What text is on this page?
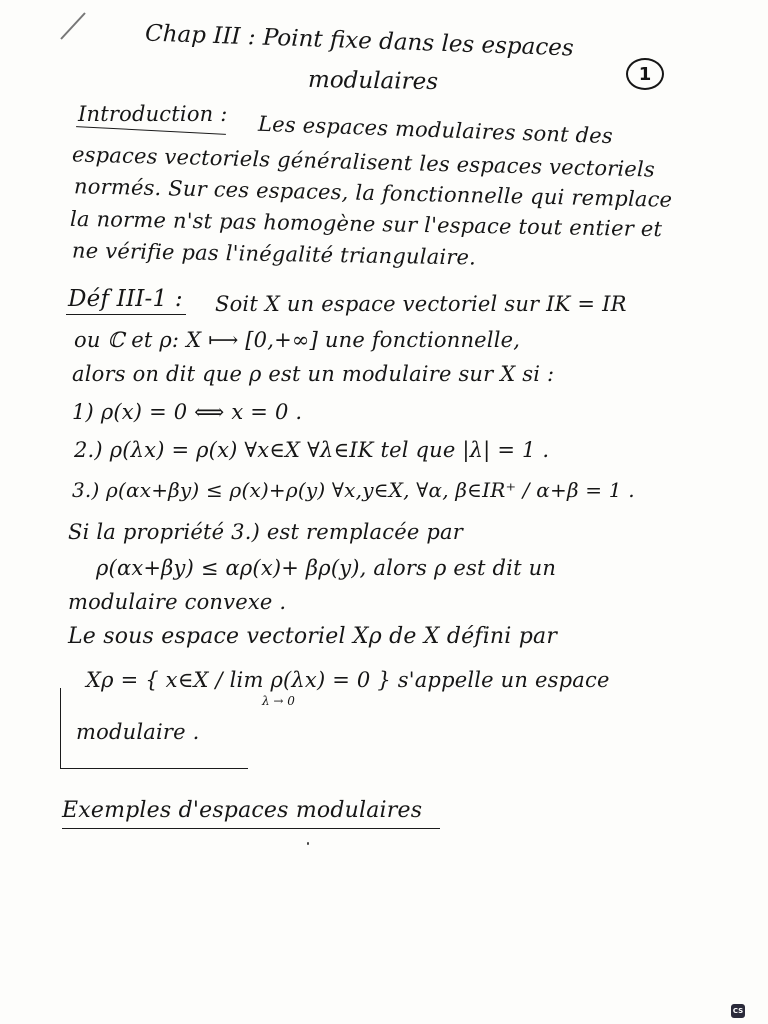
Chap III : Point fixe dans les espaces
modulaires	1
Introduction : Les espaces modulaires sont des
espaces vectoriels généralisent les espaces vectoriels
normés. Sur ces espaces, la fonctionnelle qui remplace
la norme n'st pas homogène sur l'espace tout entier et
ne vérifie pas l'inégalité triangulaire.
Déf III-1 : Soit X un espace vectoriel sur IK = IR
ou ℂ et ρ: X ⟼ [0,+∞] une fonctionnelle,
alors on dit que ρ est un modulaire sur X si :
1) ρ(x) = 0 ⟺ x = 0 .
2.) ρ(λx) = ρ(x) ∀x∈X ∀λ∈IK tel que |λ| = 1 .
3.) ρ(αx+βy) ≤ ρ(x)+ρ(y) ∀x,y∈X, ∀α, β∈IR⁺ / α+β = 1 .
Si la propriété 3.) est remplacée par
ρ(αx+βy) ≤ αρ(x)+ βρ(y), alors ρ est dit un
modulaire convexe .
Le sous espace vectoriel Xρ de X défini par
Xρ = { x∈X / lim ρ(λx) = 0 } s'appelle un espace
λ → 0
modulaire .
Exemples d'espaces modulaires
CS
